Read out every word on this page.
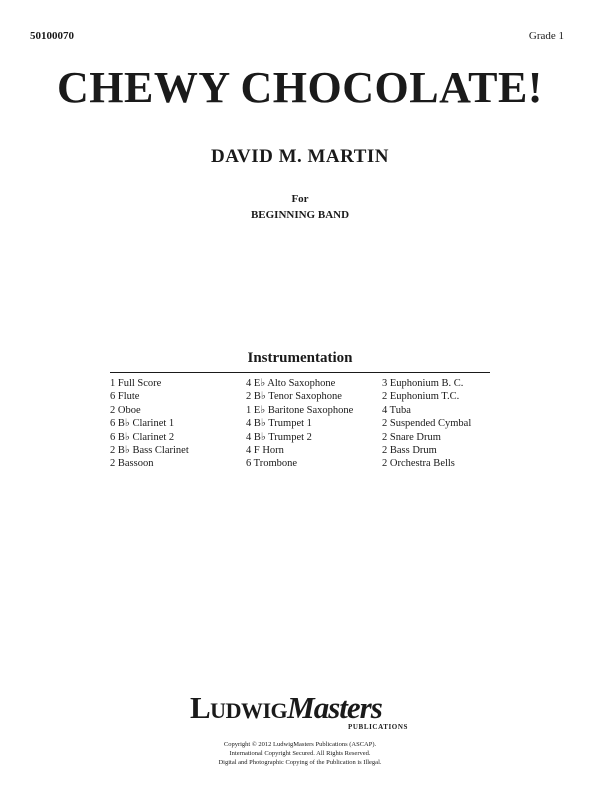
50100070	Grade 1
CHEWY CHOCOLATE!
DAVID M. MARTIN
For
BEGINNING BAND
Instrumentation
1 Full Score
6 Flute
2 Oboe
6 B♭ Clarinet 1
6 B♭ Clarinet 2
2 B♭ Bass Clarinet
2 Bassoon
4 E♭ Alto Saxophone
2 B♭ Tenor Saxophone
1 E♭ Baritone Saxophone
4 B♭ Trumpet 1
4 B♭ Trumpet 2
4 F Horn
6 Trombone
3 Euphonium B. C.
2 Euphonium T.C.
4 Tuba
2 Suspended Cymbal
2 Snare Drum
2 Bass Drum
2 Orchestra Bells
LudwigMasters
PUBLICATIONS
Copyright © 2012 LudwigMasters Publications (ASCAP).
International Copyright Secured. All Rights Reserved.
Digital and Photographic Copying of the Publication is Illegal.
